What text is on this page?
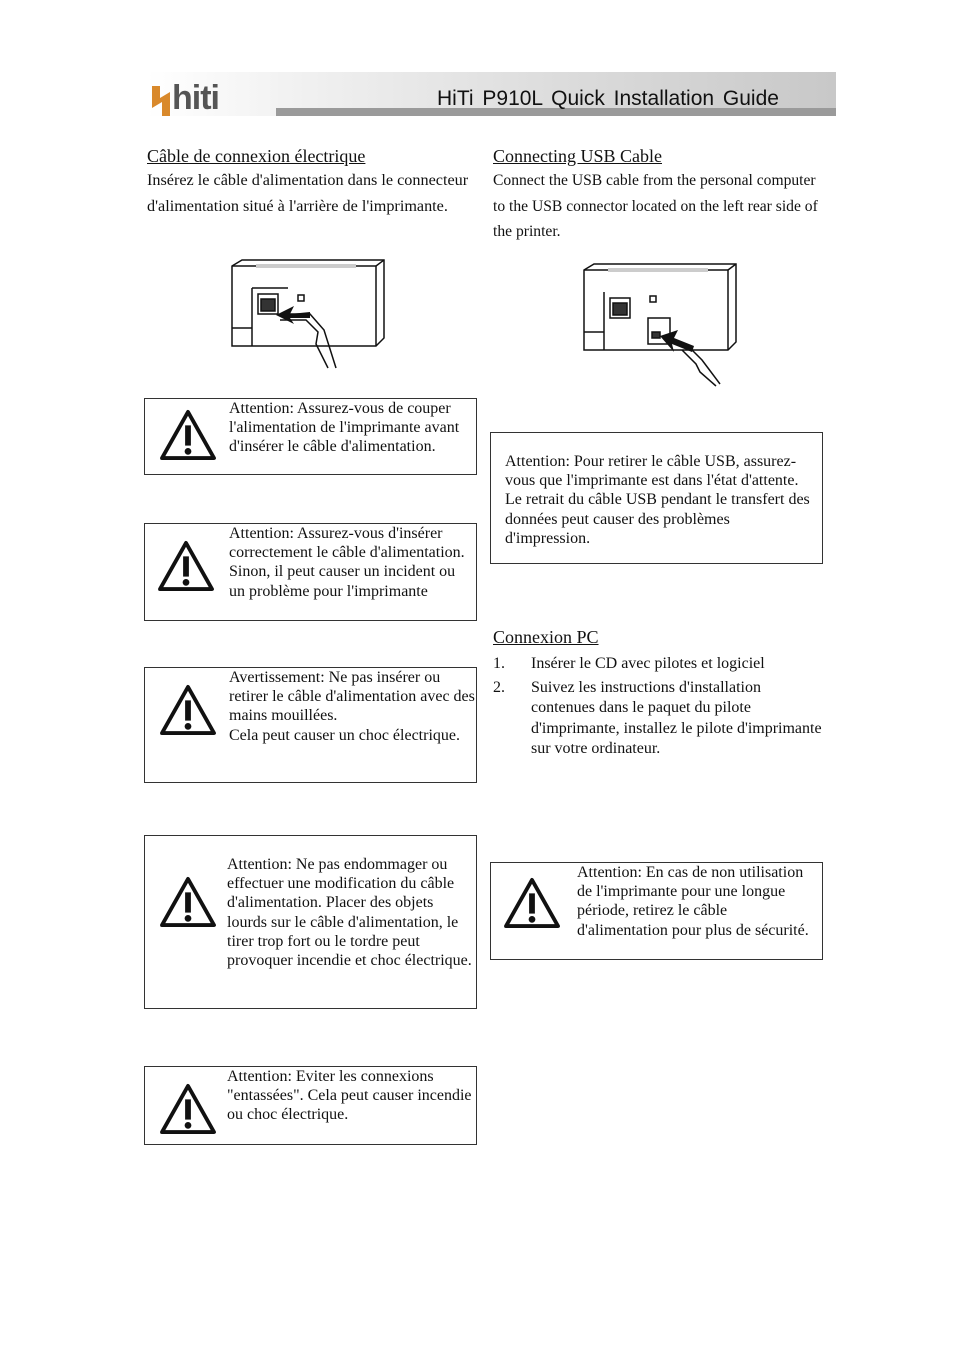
hiti	HiTi P910L Quick Installation Guide
Câble de connexion électrique
Insérez le câble d'alimentation dans le connecteur d'alimentation situé à l'arrière de l'imprimante.
Attention: Assurez-vous de couper l'alimentation de l'imprimante avant d'insérer le câble d'alimentation.
Attention: Assurez-vous d'insérer correctement le câble d'alimentation. Sinon, il peut causer un incident ou un problème pour l'imprimante
Avertissement: Ne pas insérer ou retirer le câble d'alimentation avec des mains mouillées.
Cela peut causer un choc électrique.
Attention: Ne pas endommager ou effectuer une modification du câble d'alimentation. Placer des objets lourds sur le câble d'alimentation, le tirer trop fort ou le tordre peut provoquer incendie et choc électrique.
Attention: Eviter les connexions "entassées". Cela peut causer incendie ou choc électrique.
Connecting USB Cable
Connect the USB cable from the personal computer to the USB connector located on the left rear side of the printer.
Attention: Pour retirer le câble USB, assurez-vous que l'imprimante est dans l'état d'attente. Le retrait du câble USB pendant le transfert des données peut causer des problèmes d'impression.
Connexion PC
1. Insérer le CD avec pilotes et logiciel
2. Suivez les instructions d'installation contenues dans le paquet du pilote d'imprimante, installez le pilote d'imprimante sur votre ordinateur.
Attention: En cas de non utilisation de l'imprimante pour une longue période, retirez le câble d'alimentation pour plus de sécurité.
